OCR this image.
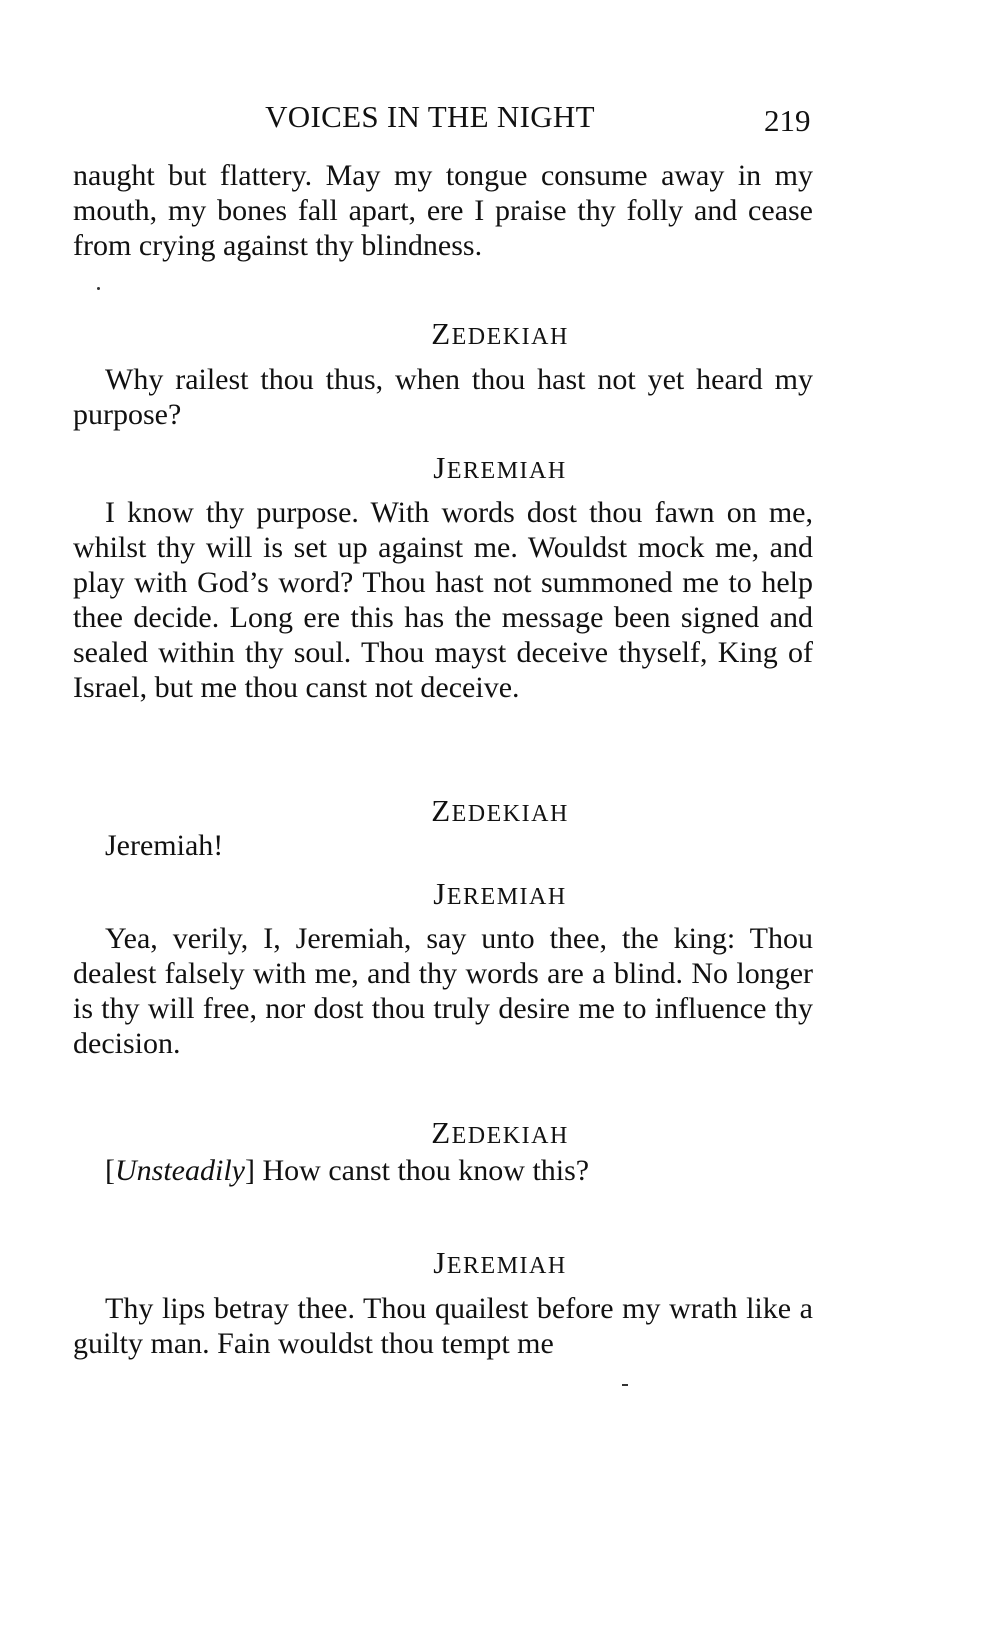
VOICES IN THE NIGHT	219
naught but flattery. May my tongue consume away in my mouth, my bones fall apart, ere I praise thy folly and cease from crying against thy blindness.
ZEDEKIAH
Why railest thou thus, when thou hast not yet heard my purpose?
JEREMIAH
I know thy purpose. With words dost thou fawn on me, whilst thy will is set up against me. Wouldst mock me, and play with God’s word? Thou hast not summoned me to help thee decide. Long ere this has the message been signed and sealed within thy soul. Thou mayst deceive thyself, King of Israel, but me thou canst not deceive.
ZEDEKIAH
Jeremiah!
JEREMIAH
Yea, verily, I, Jeremiah, say unto thee, the king: Thou dealest falsely with me, and thy words are a blind. No longer is thy will free, nor dost thou truly desire me to influence thy decision.
ZEDEKIAH
[Unsteadily] How canst thou know this?
JEREMIAH
Thy lips betray thee. Thou quailest before my wrath like a guilty man. Fain wouldst thou tempt me
